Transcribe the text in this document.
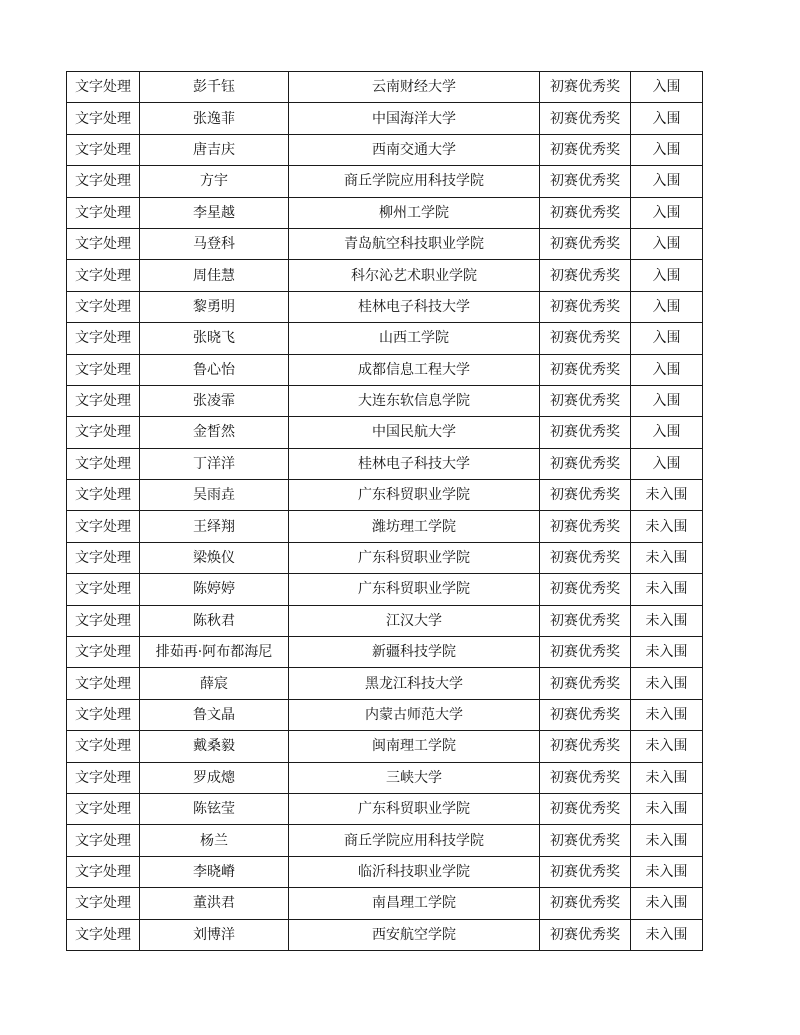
文字处理	彭千钰	云南财经大学	初赛优秀奖	入围
文字处理	张逸菲	中国海洋大学	初赛优秀奖	入围
文字处理	唐吉庆	西南交通大学	初赛优秀奖	入围
文字处理	方宇	商丘学院应用科技学院	初赛优秀奖	入围
文字处理	李星越	柳州工学院	初赛优秀奖	入围
文字处理	马登科	青岛航空科技职业学院	初赛优秀奖	入围
文字处理	周佳慧	科尔沁艺术职业学院	初赛优秀奖	入围
文字处理	黎勇明	桂林电子科技大学	初赛优秀奖	入围
文字处理	张晓飞	山西工学院	初赛优秀奖	入围
文字处理	鲁心怡	成都信息工程大学	初赛优秀奖	入围
文字处理	张凌霏	大连东软信息学院	初赛优秀奖	入围
文字处理	金皙然	中国民航大学	初赛优秀奖	入围
文字处理	丁洋洋	桂林电子科技大学	初赛优秀奖	入围
文字处理	吴雨垚	广东科贸职业学院	初赛优秀奖	未入围
文字处理	王绎翔	潍坊理工学院	初赛优秀奖	未入围
文字处理	梁焕仪	广东科贸职业学院	初赛优秀奖	未入围
文字处理	陈婷婷	广东科贸职业学院	初赛优秀奖	未入围
文字处理	陈秋君	江汉大学	初赛优秀奖	未入围
文字处理	排茹再·阿布都海尼	新疆科技学院	初赛优秀奖	未入围
文字处理	薛宸	黑龙江科技大学	初赛优秀奖	未入围
文字处理	鲁文晶	内蒙古师范大学	初赛优秀奖	未入围
文字处理	戴桑毅	闽南理工学院	初赛优秀奖	未入围
文字处理	罗成熜	三峡大学	初赛优秀奖	未入围
文字处理	陈铉莹	广东科贸职业学院	初赛优秀奖	未入围
文字处理	杨兰	商丘学院应用科技学院	初赛优秀奖	未入围
文字处理	李晓嵴	临沂科技职业学院	初赛优秀奖	未入围
文字处理	董洪君	南昌理工学院	初赛优秀奖	未入围
文字处理	刘博洋	西安航空学院	初赛优秀奖	未入围
